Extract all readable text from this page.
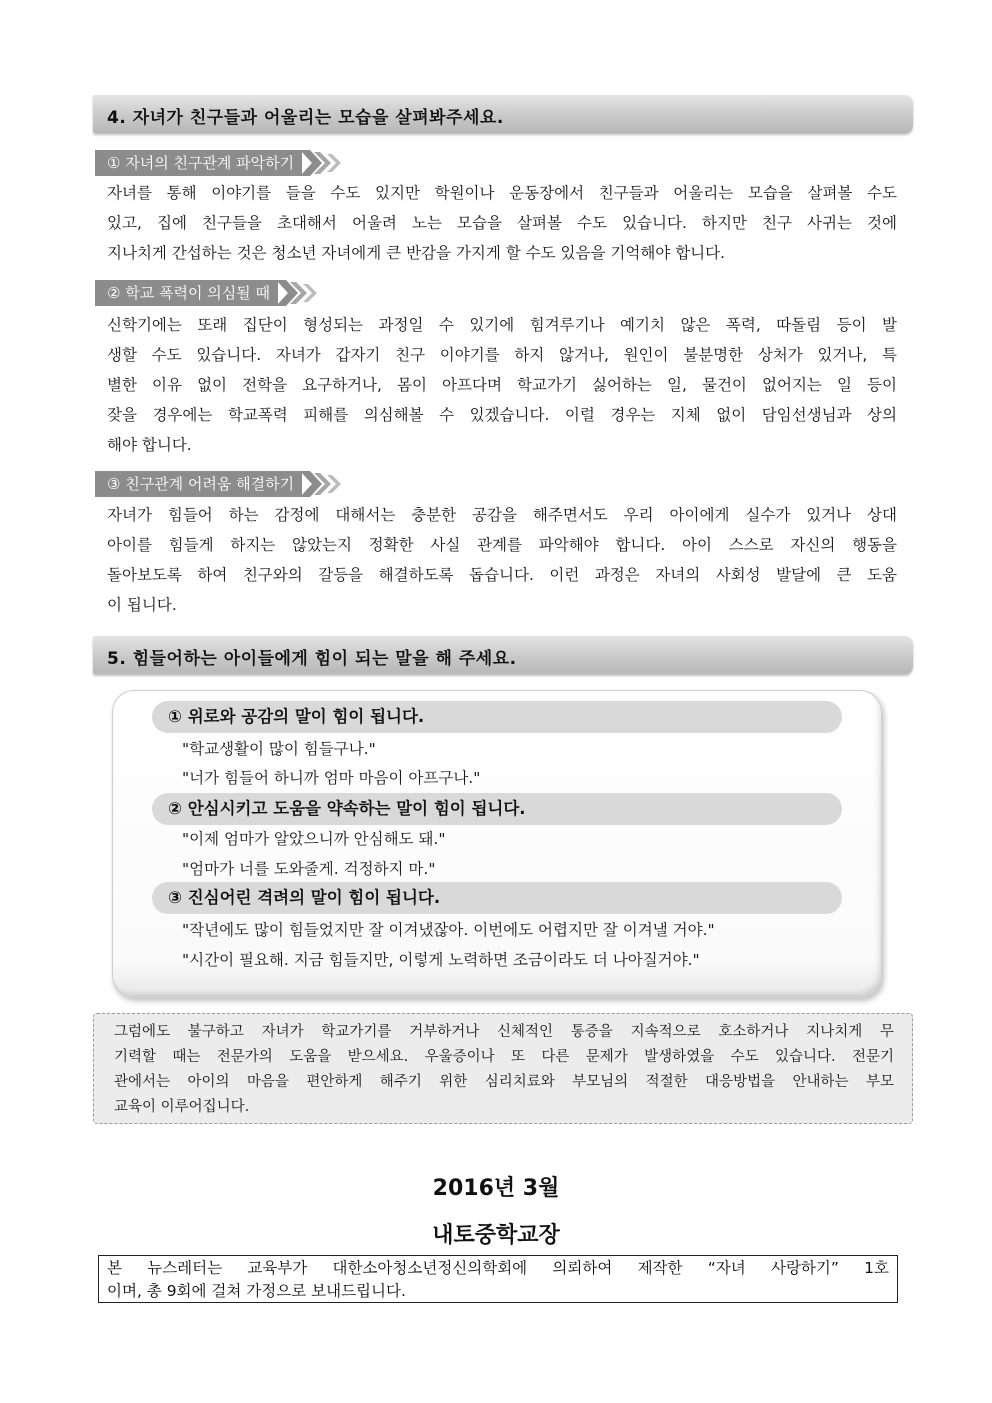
4. 자녀가 친구들과 어울리는 모습을 살펴봐주세요.
① 자녀의 친구관계 파악하기
자녀를 통해 이야기를 들을 수도 있지만 학원이나 운동장에서 친구들과 어울리는 모습을 살펴볼 수도
있고, 집에 친구들을 초대해서 어울려 노는 모습을 살펴볼 수도 있습니다. 하지만 친구 사귀는 것에
지나치게 간섭하는 것은 청소년 자녀에게 큰 반감을 가지게 할 수도 있음을 기억해야 합니다.
② 학교 폭력이 의심될 때
신학기에는 또래 집단이 형성되는 과정일 수 있기에 힘겨루기나 예기치 않은 폭력, 따돌림 등이 발
생할 수도 있습니다. 자녀가 갑자기 친구 이야기를 하지 않거나, 원인이 불분명한 상처가 있거나, 특
별한 이유 없이 전학을 요구하거나, 몸이 아프다며 학교가기 싫어하는 일, 물건이 없어지는 일 등이
잦을 경우에는 학교폭력 피해를 의심해볼 수 있겠습니다. 이럴 경우는 지체 없이 담임선생님과 상의
해야 합니다.
③ 친구관계 어려움 해결하기
자녀가 힘들어 하는 감정에 대해서는 충분한 공감을 해주면서도 우리 아이에게 실수가 있거나 상대
아이를 힘들게 하지는 않았는지 정확한 사실 관계를 파악해야 합니다. 아이 스스로 자신의 행동을
돌아보도록 하여 친구와의 갈등을 해결하도록 돕습니다. 이런 과정은 자녀의 사회성 발달에 큰 도움
이 됩니다.
5. 힘들어하는 아이들에게 힘이 되는 말을 해 주세요.
① 위로와 공감의 말이 힘이 됩니다.
"학교생활이 많이 힘들구나."
"너가 힘들어 하니까 엄마 마음이 아프구나."
② 안심시키고 도움을 약속하는 말이 힘이 됩니다.
"이제 엄마가 알았으니까 안심해도 돼."
"엄마가 너를 도와줄게. 걱정하지 마."
③ 진심어린 격려의 말이 힘이 됩니다.
"작년에도 많이 힘들었지만 잘 이겨냈잖아. 이번에도 어렵지만 잘 이겨낼 거야."
"시간이 필요해. 지금 힘들지만, 이렇게 노력하면 조금이라도 더 나아질거야."
그럼에도 불구하고 자녀가 학교가기를 거부하거나 신체적인 통증을 지속적으로 호소하거나 지나치게 무
기력할 때는 전문가의 도움을 받으세요. 우울증이나 또 다른 문제가 발생하였을 수도 있습니다. 전문기
관에서는 아이의 마음을 편안하게 해주기 위한 심리치료와 부모님의 적절한 대응방법을 안내하는 부모
교육이 이루어집니다.
2016년 3월
내토중학교장
본 뉴스레터는 교육부가 대한소아청소년정신의학회에 의뢰하여 제작한 “자녀 사랑하기” 1호
이며, 총 9회에 걸쳐 가정으로 보내드립니다.
